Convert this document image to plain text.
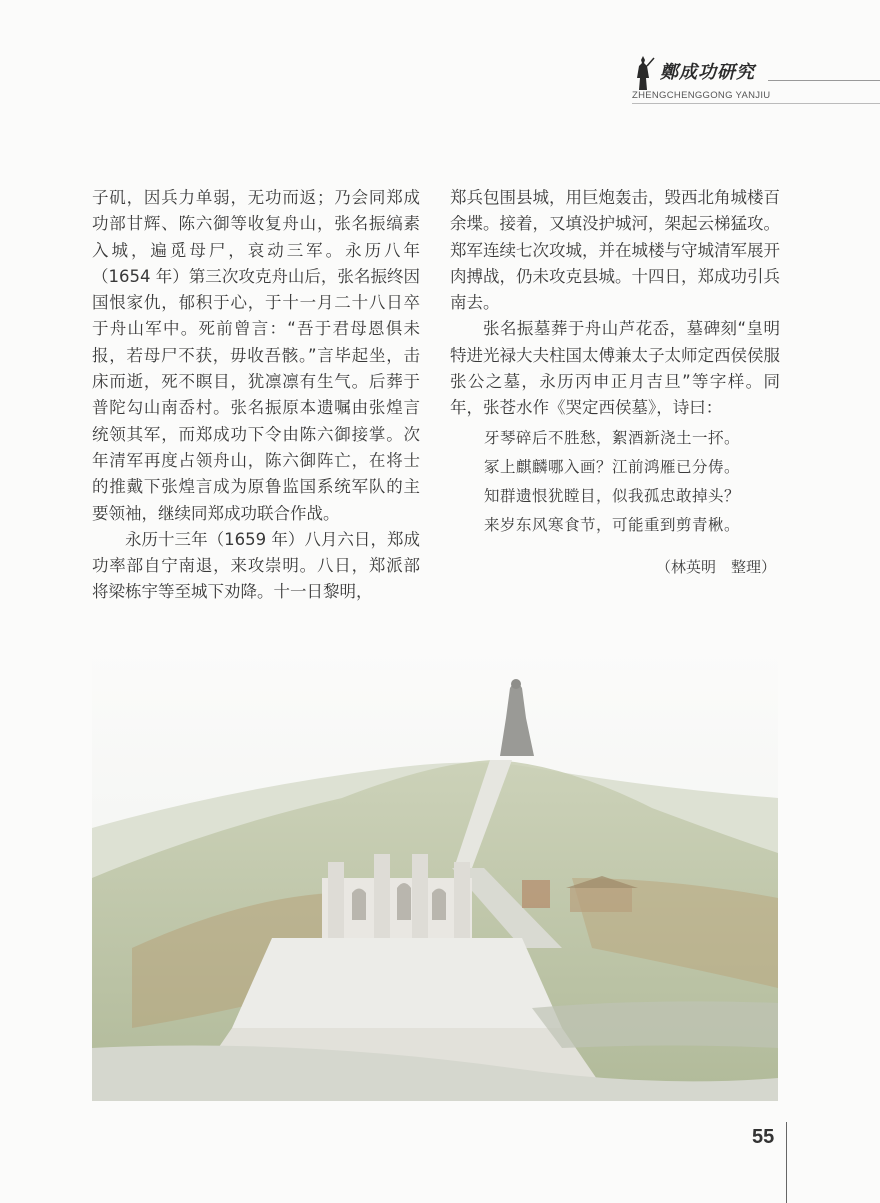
鄭成功研究
ZHENGCHENGGONG YANJIU

子矶，因兵力单弱，无功而返；乃会同郑成功部甘辉、陈六御等收复舟山，张名振缟素入城，遍觅母尸，哀动三军。永历八年（1654 年）第三次攻克舟山后，张名振终因国恨家仇，郁积于心，于十一月二十八日卒于舟山军中。死前曾言：“吾于君母恩俱未报，若母尸不获，毋收吾骸。”言毕起坐，击床而逝，死不瞑目，犹凛凛有生气。后葬于普陀勾山南岙村。张名振原本遗嘱由张煌言统领其军，而郑成功下令由陈六御接掌。次年清军再度占领舟山，陈六御阵亡，在将士的推戴下张煌言成为原鲁监国系统军队的主要领袖，继续同郑成功联合作战。

永历十三年（1659 年）八月六日，郑成功率部自宁南退，来攻崇明。八日，郑派部将梁栋宇等至城下劝降。十一日黎明，

郑兵包围县城，用巨炮轰击，毁西北角城楼百余堞。接着，又填没护城河，架起云梯猛攻。郑军连续七次攻城，并在城楼与守城清军展开肉搏战，仍未攻克县城。十四日，郑成功引兵南去。

张名振墓葬于舟山芦花岙，墓碑刻“皇明特进光禄大夫柱国太傅兼太子太师定西侯侯服张公之墓，永历丙申正月吉旦”等字样。同年，张苍水作《哭定西侯墓》，诗曰：

牙琴碎后不胜愁，絮酒新浇土一抔。
冢上麒麟哪入画？江前鸿雁已分俦。
知群遗恨犹瞠目，似我孤忠敢掉头？
来岁东风寒食节，可能重到剪青楸。
（林英明　整理）
55
